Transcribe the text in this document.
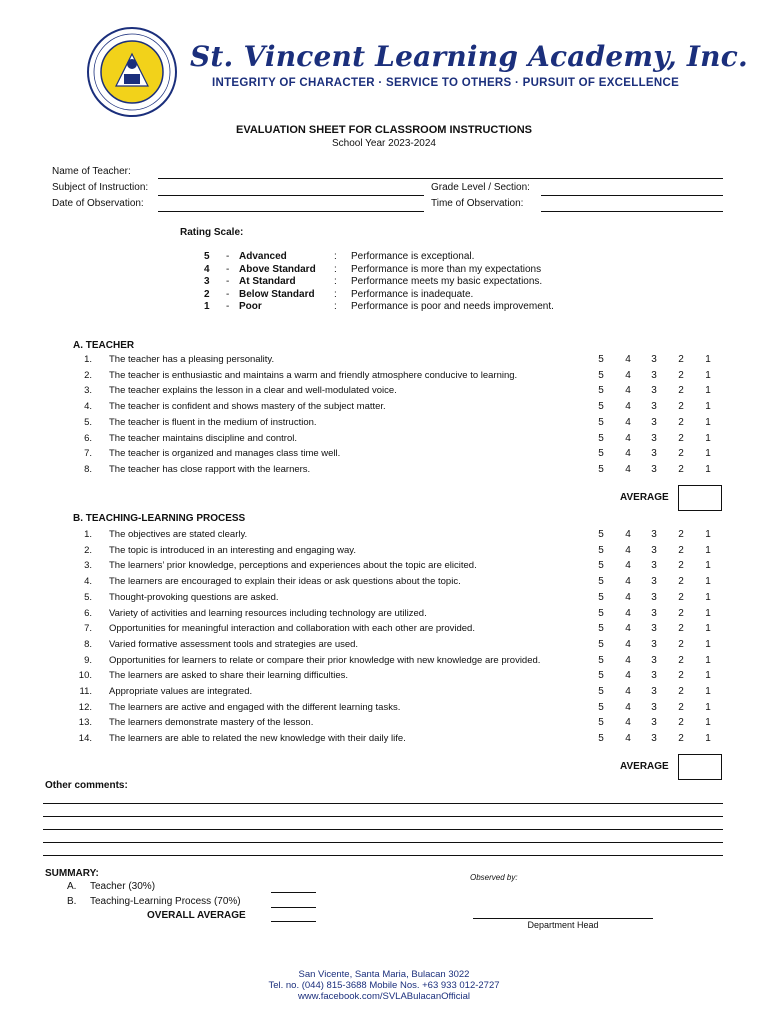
St. Vincent Learning Academy, Inc.
INTEGRITY OF CHARACTER · SERVICE TO OTHERS · PURSUIT OF EXCELLENCE
EVALUATION SHEET FOR CLASSROOM INSTRUCTIONS
School Year 2023-2024
Name of Teacher:
Subject of Instruction:	Grade Level / Section:
Date of Observation:	Time of Observation:
Rating Scale:
5 - Advanced	: Performance is exceptional.
4 - Above Standard : Performance is more than my expectations
3 - At Standard	: Performance meets my basic expectations.
2 - Below Standard : Performance is inadequate.
1 - Poor	: Performance is poor and needs improvement.
A. TEACHER
1. The teacher has a pleasing personality.	5	4	3	2	1
2. The teacher is enthusiastic and maintains a warm and friendly atmosphere conducive to learning.	5	4	3	2	1
3. The teacher explains the lesson in a clear and well-modulated voice.	5	4	3	2	1
4. The teacher is confident and shows mastery of the subject matter.	5	4	3	2	1
5. The teacher is fluent in the medium of instruction.	5	4	3	2	1
6. The teacher maintains discipline and control.	5	4	3	2	1
7. The teacher is organized and manages class time well.	5	4	3	2	1
8. The teacher has close rapport with the learners.	5	4	3	2	1
AVERAGE
B. TEACHING-LEARNING PROCESS
1. The objectives are stated clearly.	5	4	3	2	1
2. The topic is introduced in an interesting and engaging way.	5	4	3	2	1
3. The learners’ prior knowledge, perceptions and experiences about the topic are elicited.	5	4	3	2	1
4. The learners are encouraged to explain their ideas or ask questions about the topic.	5	4	3	2	1
5. Thought-provoking questions are asked.	5	4	3	2	1
6. Variety of activities and learning resources including technology are utilized.	5	4	3	2	1
7. Opportunities for meaningful interaction and collaboration with each other are provided.	5	4	3	2	1
8. Varied formative assessment tools and strategies are used.	5	4	3	2	1
9. Opportunities for learners to relate or compare their prior knowledge with new knowledge are provided.	5	4	3	2	1
10. The learners are asked to share their learning difficulties.	5	4	3	2	1
11. Appropriate values are integrated.	5	4	3	2	1
12. The learners are active and engaged with the different learning tasks.	5	4	3	2	1
13. The learners demonstrate mastery of the lesson.	5	4	3	2	1
14. The learners are able to related the new knowledge with their daily life.	5	4	3	2	1
AVERAGE
Other comments:
SUMMARY:
A. Teacher (30%)
B. Teaching-Learning Process (70%)
OVERALL AVERAGE
Observed by:
Department Head
San Vicente, Santa Maria, Bulacan 3022
Tel. no. (044) 815-3688 Mobile Nos. +63 933 012-2727
www.facebook.com/SVLABulacanOfficial
